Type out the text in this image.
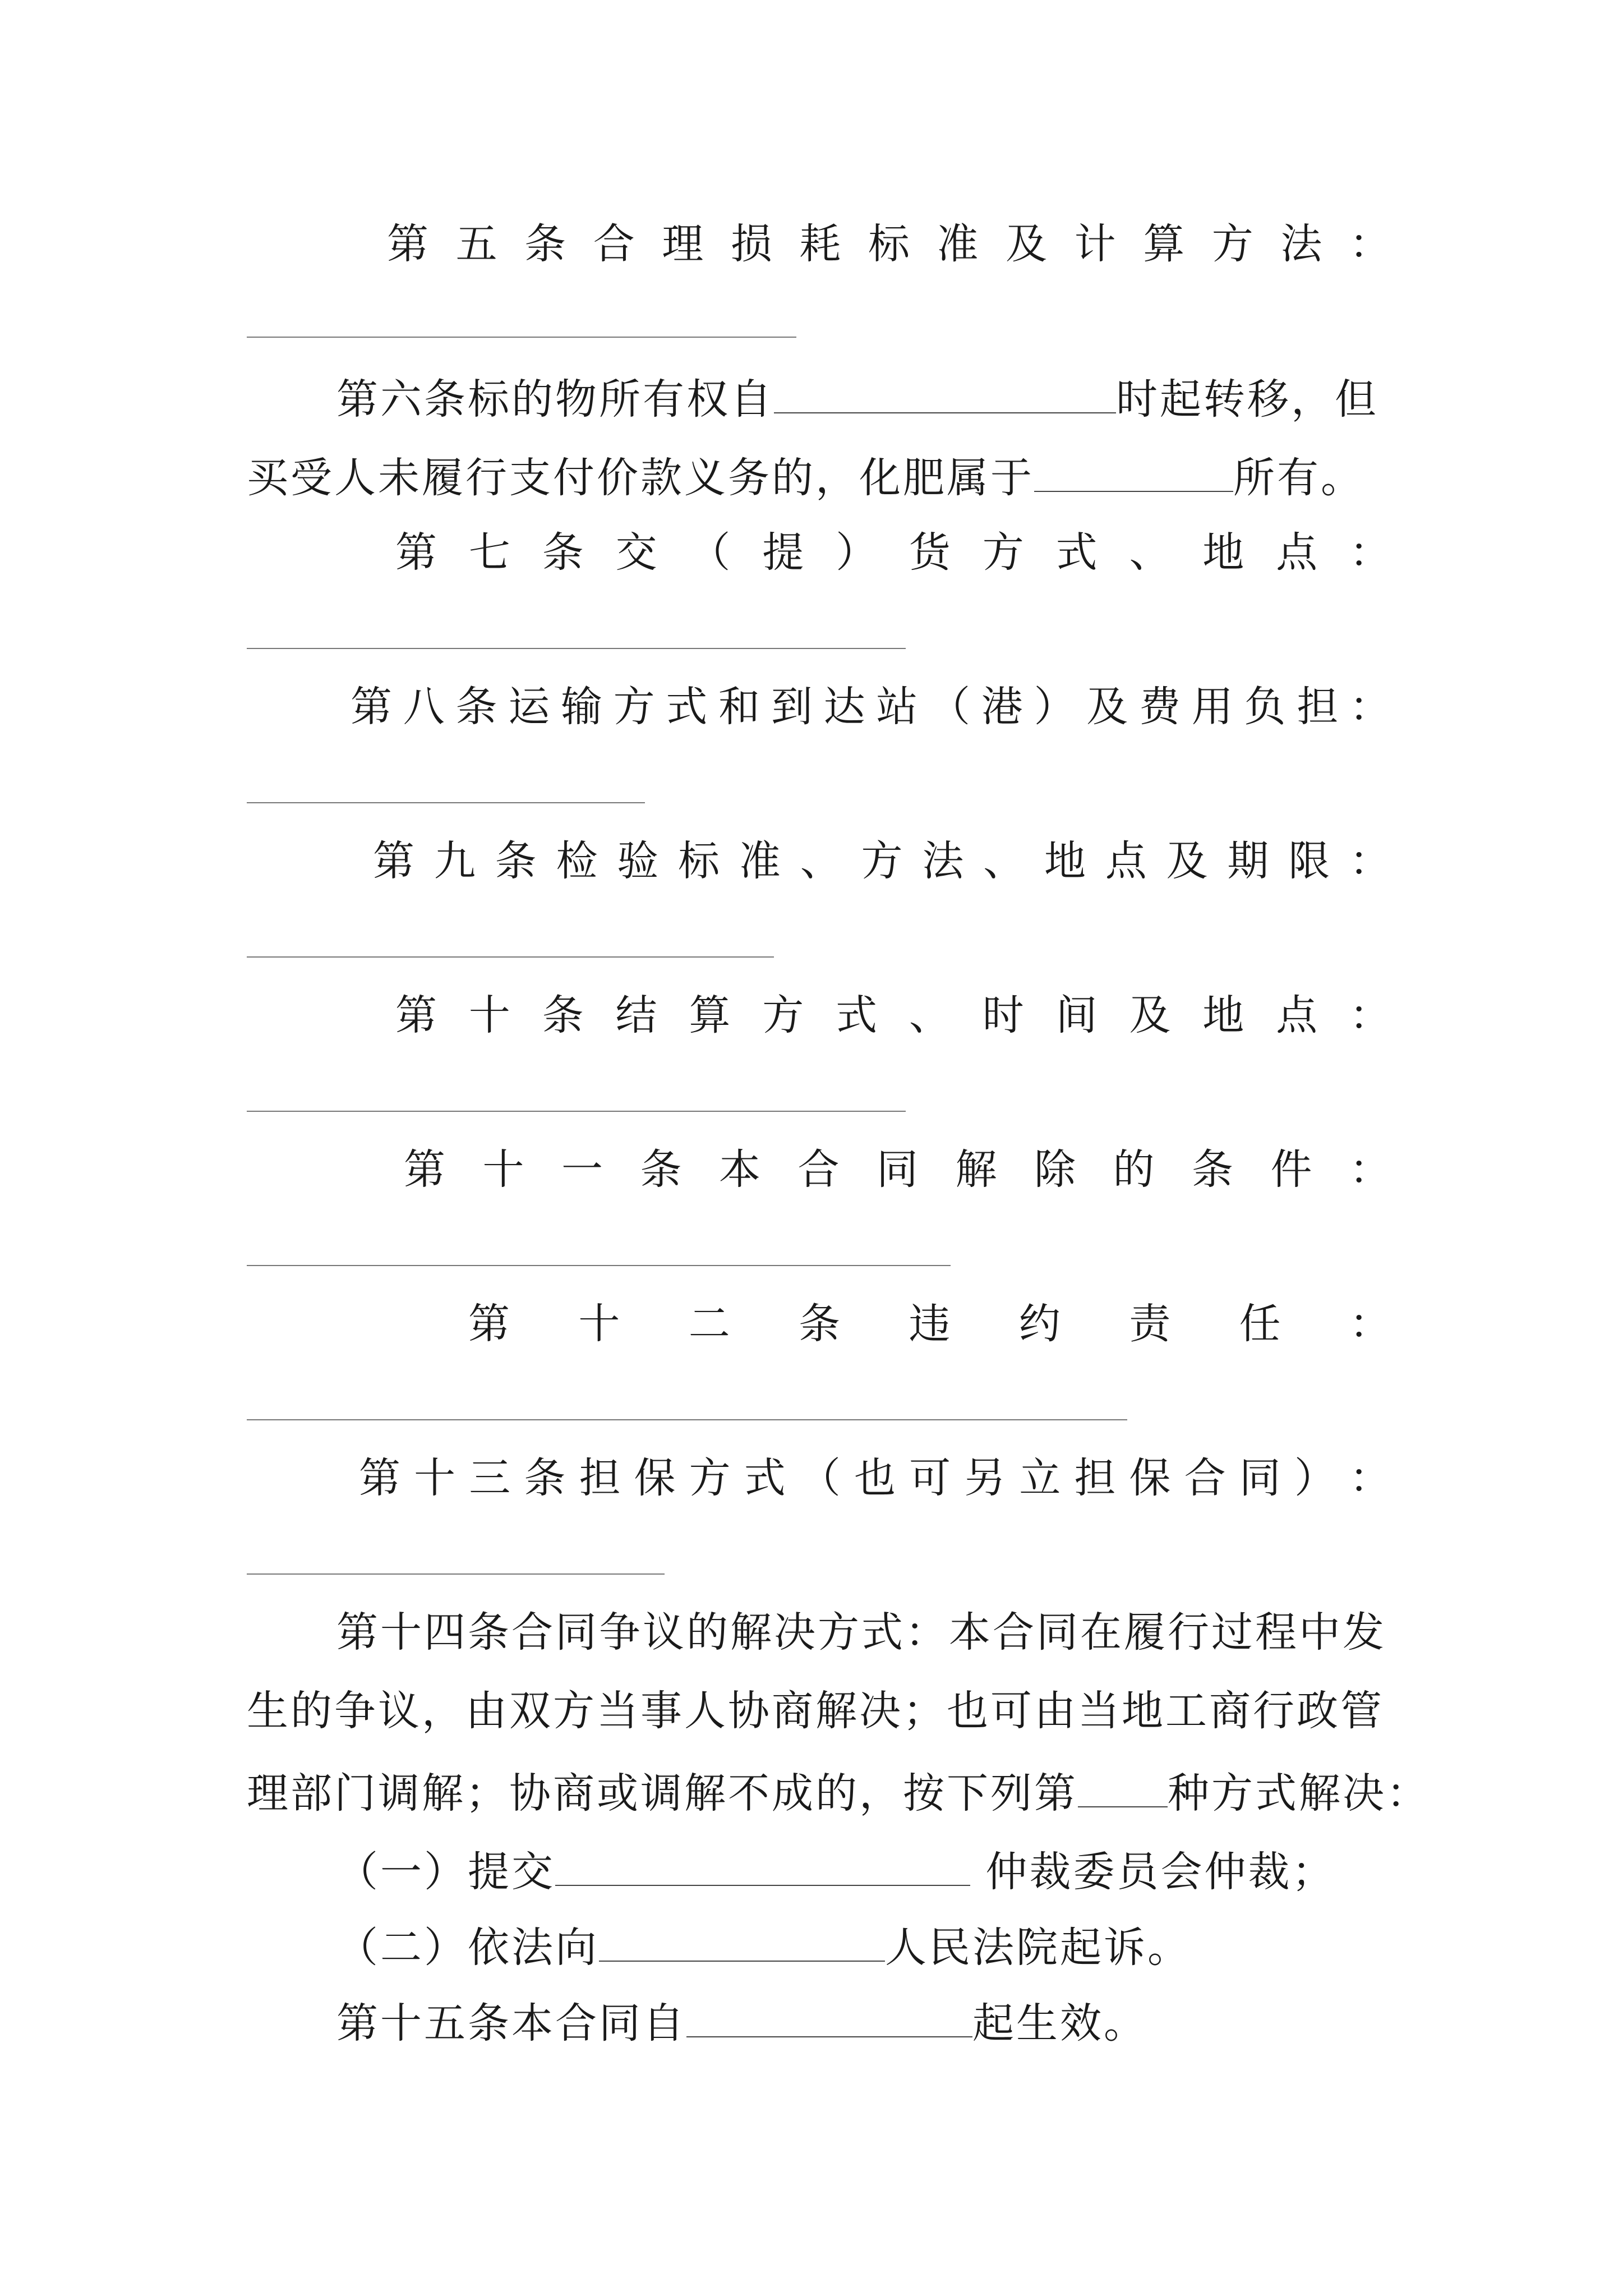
第 五 条 合 理 损 耗 标 准 及 计 算 方 法 ：
第六条标的物所有权自	时起转移，但
买受人未履行支付价款义务的，化肥属于	所有。
第 七 条 交 （ 提 ） 货 方 式 、 地 点 ：
第 八 条 运 输 方 式 和 到 达 站 （ 港 ） 及 费 用 负 担 ：
第 九 条 检 验 标 准 、 方 法 、 地 点 及 期 限 ：
第 十 条 结 算 方 式 、 时 间 及 地 点 ：
第 十 一 条 本 合 同 解 除 的 条 件 ：
第 十 二 条 违 约 责 任 ：
第 十 三 条 担 保 方 式 （ 也 可 另 立 担 保 合 同 ） ：
第十四条合同争议的解决方式：本合同在履行过程中发
生的争议，由双方当事人协商解决；也可由当地工商行政管
理部门调解；协商或调解不成的，按下列第 种方式解决：
（一）提交	仲裁委员会仲裁；
（二）依法向	人民法院起诉。
第十五条本合同自	起生效。
